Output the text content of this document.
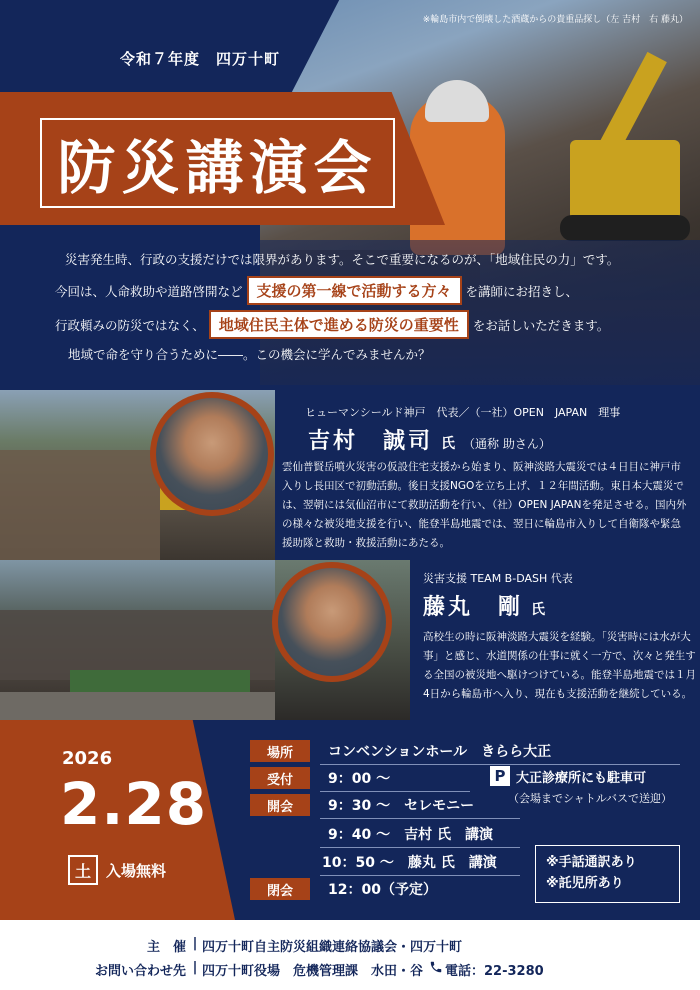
※輪島市内で倒壊した酒蔵からの貴重品探し（左 吉村　右 藤丸）
令和７年度　四万十町
防災講演会
災害発生時、行政の支援だけでは限界があります。そこで重要になるのが、「地域住民の力」です。
今回は、人命救助や道路啓開など 支援の第一線で活動する方々 を講師にお招きし、
行政頼みの防災ではなく、 地域住民主体で進める防災の重要性 をお話しいただきます。
地域で命を守り合うために――。この機会に学んでみませんか？
ヒューマンシールド神戸　代表／（一社）OPEN　JAPAN　理事
吉村　誠司 氏 （通称 助さん）
雲仙普賢岳噴火災害の仮設住宅支援から始まり、阪神淡路大震災では４日目に神戸市入りし長田区で初動活動。後日支援NGOを立ち上げ、１２年間活動。東日本大震災では、翌朝には気仙沼市にて救助活動を行い、（社）OPEN JAPANを発足させる。国内外の様々な被災地支援を行い、能登半島地震では、翌日に輪島市入りして自衛隊や緊急援助隊と救助・救援活動にあたる。
災害支援 TEAM B-DASH 代表
藤丸　剛 氏
高校生の時に阪神淡路大震災を経験。「災害時には水が大事」と感じ、水道関係の仕事に就く一方で、次々と発生する全国の被災地へ駆けつけている。能登半島地震では１月4日から輪島市へ入り、現在も支援活動を継続している。
2026
2.28
土	入場無料
場所	コンベンションホール　きらら大正
受付	9：00 〜	P 大正診療所にも駐車可
（会場までシャトルバスで送迎）
開会	9：30 〜　セレモニー
9：40 〜　吉村 氏　講演
10：50 〜　藤丸 氏　講演
閉会	12：00（予定）
※手話通訳あり
※託児所あり
主　催 | 四万十町自主防災組織連絡協議会・四万十町
お問い合わせ先 | 四万十町役場　危機管理課　水田・谷 電話：22-3280
